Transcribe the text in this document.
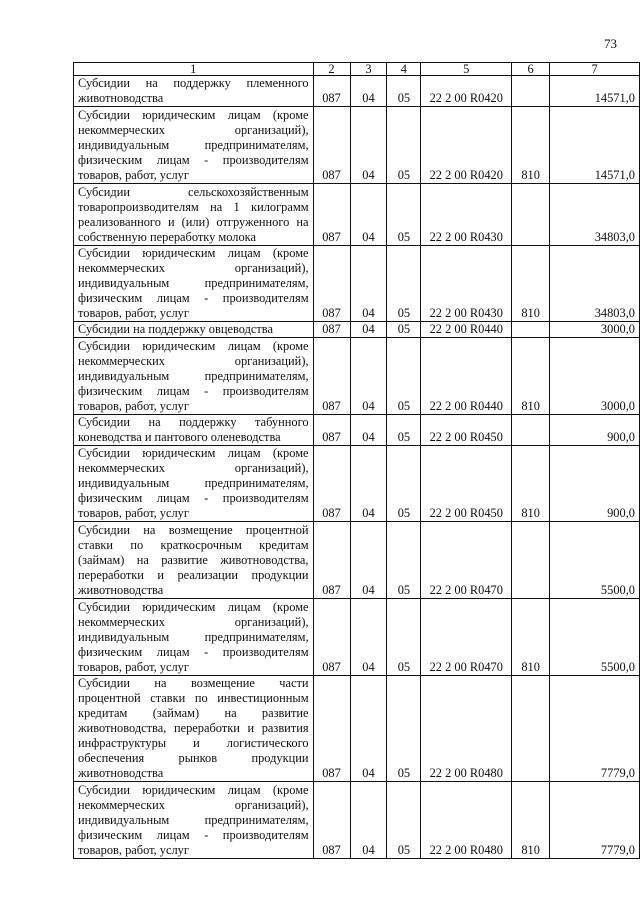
73
1	2	3	4	5	6	7
Субсидии на поддержку племенного животноводства	087	04	05	22 2 00 R0420		14571,0
Субсидии юридическим лицам (кроме некоммерческих организаций), индивидуальным предпринимателям, физическим лицам - производителям товаров, работ, услуг	087	04	05	22 2 00 R0420	810	14571,0
Субсидии сельскохозяйственным товаропроизводителям на 1 килограмм реализованного и (или) отгруженного на собственную переработку молока	087	04	05	22 2 00 R0430		34803,0
Субсидии юридическим лицам (кроме некоммерческих организаций), индивидуальным предпринимателям, физическим лицам - производителям товаров, работ, услуг	087	04	05	22 2 00 R0430	810	34803,0
Субсидии на поддержку овцеводства	087	04	05	22 2 00 R0440		3000,0
Субсидии юридическим лицам (кроме некоммерческих организаций), индивидуальным предпринимателям, физическим лицам - производителям товаров, работ, услуг	087	04	05	22 2 00 R0440	810	3000,0
Субсидии на поддержку табунного коневодства и пантового оленеводства	087	04	05	22 2 00 R0450		900,0
Субсидии юридическим лицам (кроме некоммерческих организаций), индивидуальным предпринимателям, физическим лицам - производителям товаров, работ, услуг	087	04	05	22 2 00 R0450	810	900,0
Субсидии на возмещение процентной ставки по краткосрочным кредитам (займам) на развитие животноводства, переработки и реализации продукции животноводства	087	04	05	22 2 00 R0470		5500,0
Субсидии юридическим лицам (кроме некоммерческих организаций), индивидуальным предпринимателям, физическим лицам - производителям товаров, работ, услуг	087	04	05	22 2 00 R0470	810	5500,0
Субсидии на возмещение части процентной ставки по инвестиционным кредитам (займам) на развитие животноводства, переработки и развития инфраструктуры и логистического обеспечения рынков продукции животноводства	087	04	05	22 2 00 R0480		7779,0
Субсидии юридическим лицам (кроме некоммерческих организаций), индивидуальным предпринимателям, физическим лицам - производителям товаров, работ, услуг	087	04	05	22 2 00 R0480	810	7779,0
